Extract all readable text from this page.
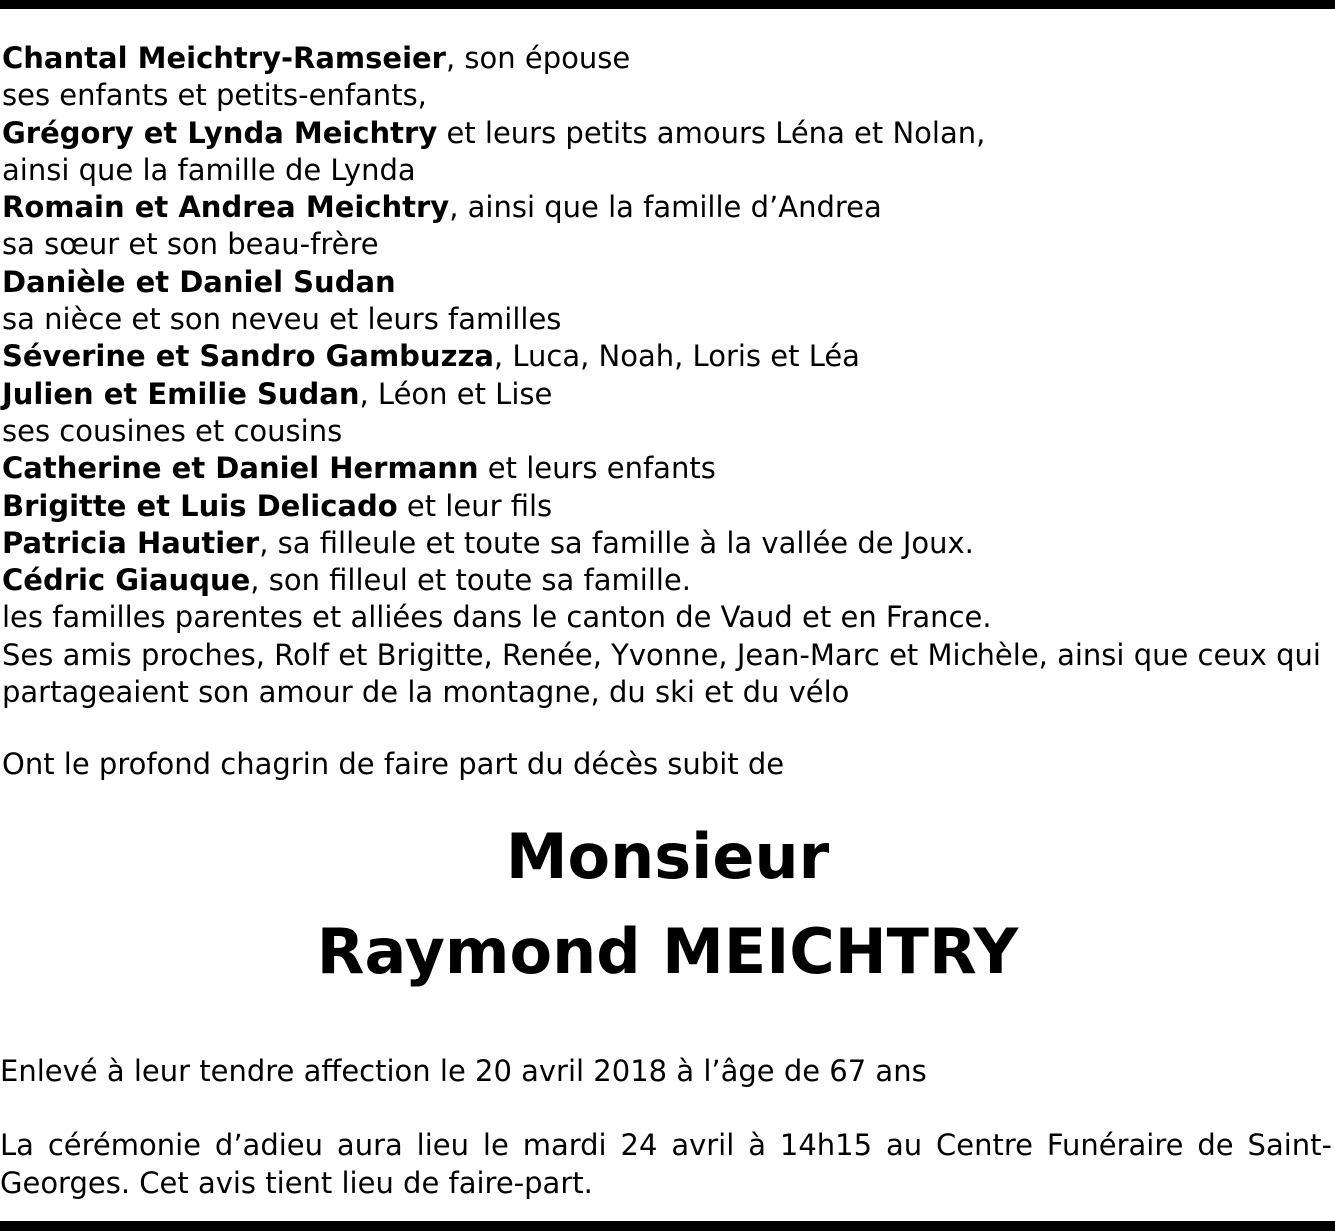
Chantal Meichtry-Ramseier, son épouse

ses enfants et petits-enfants,

Grégory et Lynda Meichtry et leurs petits amours Léna et Nolan,

ainsi que la famille de Lynda

Romain et Andrea Meichtry, ainsi que la famille d’Andrea

sa sœur et son beau-frère

Danièle et Daniel Sudan

sa nièce et son neveu et leurs familles

Séverine et Sandro Gambuzza, Luca, Noah, Loris et Léa

Julien et Emilie Sudan, Léon et Lise

ses cousines et cousins

Catherine et Daniel Hermann et leurs enfants

Brigitte et Luis Delicado et leur fils

Patricia Hautier, sa filleule et toute sa famille à la vallée de Joux.

Cédric Giauque, son filleul et toute sa famille.

les familles parentes et alliées dans le canton de Vaud et en France.

Ses amis proches, Rolf et Brigitte, Renée, Yvonne, Jean-Marc et Michèle, ainsi que ceux qui partageaient son amour de la montagne, du ski et du vélo

Ont le profond chagrin de faire part du décès subit de
Monsieur
Raymond MEICHTRY
Enlevé à leur tendre affection le 20 avril 2018 à l’âge de 67 ans
La cérémonie d’adieu aura lieu le mardi 24 avril à 14h15 au Centre Funéraire de Saint-Georges. Cet avis tient lieu de faire-part.
